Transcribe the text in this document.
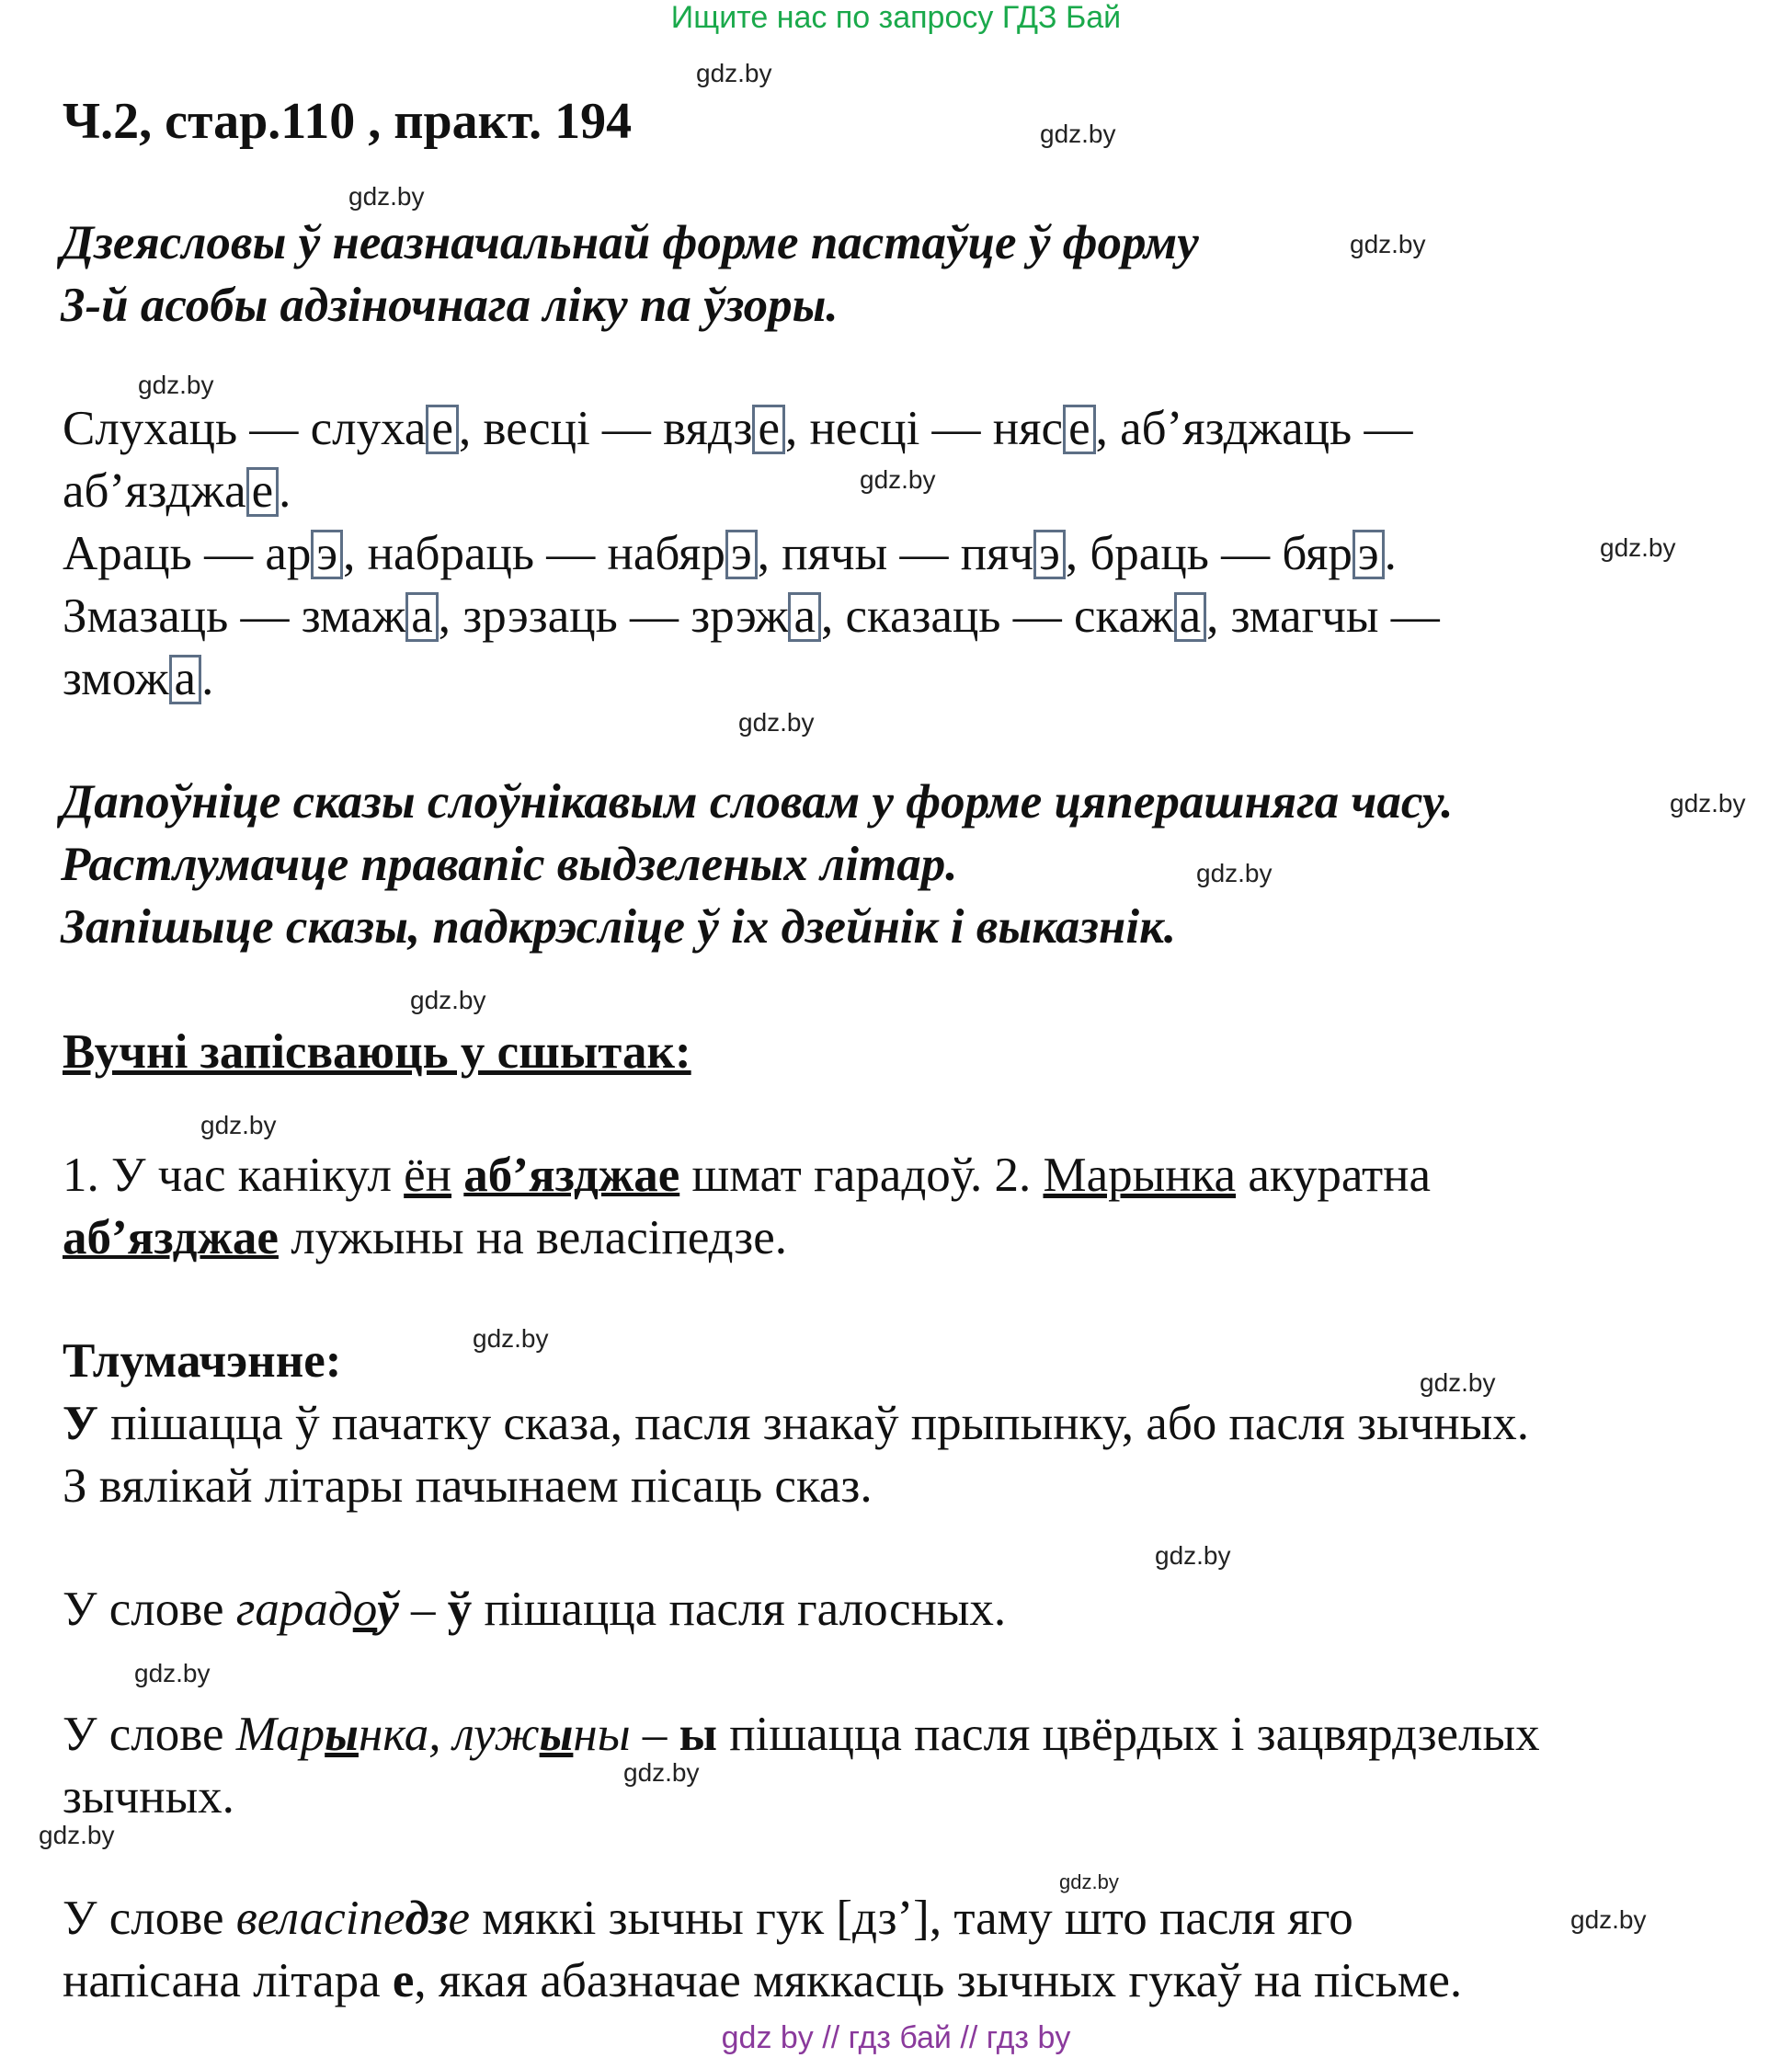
Ищите нас по запросу ГДЗ Бай
Ч.2, стар.110 , практ. 194
gdz.by
gdz.by
gdz.by
gdz.by
gdz.by
gdz.by
gdz.by
gdz.by
gdz.by
gdz.by
gdz.by
gdz.by
gdz.by
gdz.by
gdz.by
gdz.by
gdz.by
gdz.by
gdz.by
gdz.by
Дзеясловы ў неазначальнай форме пастаўце ў форму
3-й асобы адзіночнага ліку па ўзоры.
Слухаць — слуха е , весці — вядз е , несці — няс е , аб’язджаць —
аб’язджа е .
Араць — ар э , набраць — набяр э , пячы — пяч э , браць — бяр э .
Змазаць — змаж а , зрэзаць — зрэж а , сказаць — скаж а , змагчы —
змож а .
Дапоўніце сказы слоўнікавым словам у форме цяперашняга часу.
Растлумачце правапіс выдзеленых літар.
Запішыце сказы, падкрэсліце ў іх дзейнік і выказнік.
Вучні запісваюць у сшытак:
1. У час канікул ён аб’язджае шмат гарадоў. 2. Марынка акуратна
аб’язджае лужыны на веласіпедзе.
Тлумачэнне:
У пішацца ў пачатку сказа, пасля знакаў прыпынку, або пасля зычных.
З вялікай літары пачынаем пісаць сказ.
У слове гарадоў – ў пішацца пасля галосных.
У слове Марынка, лужыны – ы пішацца пасля цвёрдых і зацвярдзелых
зычных.
У слове веласіпедзе мяккі зычны гук [дз’], таму што пасля яго
напісана літара е, якая абазначае мяккасць зычных гукаў на пісьме.
gdz by // гдз бай // гдз by
